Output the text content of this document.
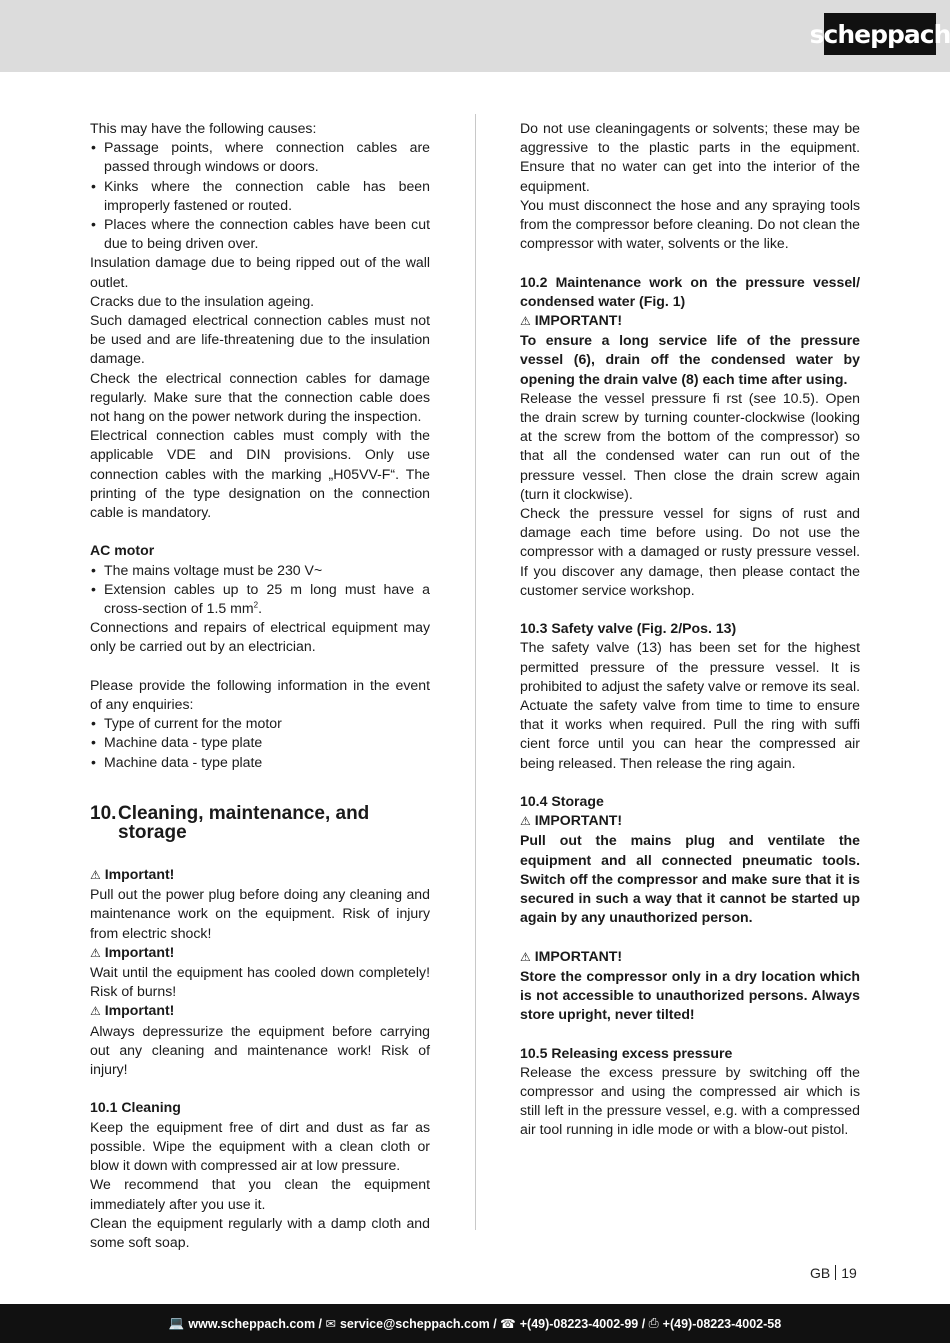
scheppach

This may have the following causes:

• Passage points, where connection cables are passed through windows or doors.
• Kinks where the connection cable has been improperly fastened or routed.
• Places where the connection cables have been cut due to being driven over.

Insulation damage due to being ripped out of the wall outlet.

Cracks due to the insulation ageing.

Such damaged electrical connection cables must not be used and are life-threatening due to the insulation damage.

Check the electrical connection cables for damage regularly. Make sure that the connection cable does not hang on the power network during the inspection.

Electrical connection cables must comply with the applicable VDE and DIN provisions. Only use connection cables with the marking „H05VV-F“. The printing of the type designation on the connection cable is mandatory.

AC motor

• The mains voltage must be 230 V~
• Extension cables up to 25 m long must have a cross-section of 1.5 $mm^2$.

Connections and repairs of electrical equipment may only be carried out by an electrician.

Please provide the following information in the event of any enquiries:

• Type of current for the motor
• Machine data - type plate
• Machine data - type plate
10. Cleaning, maintenance, and storage

⚠ Important!

Pull out the power plug before doing any cleaning and maintenance work on the equipment. Risk of injury from electric shock!

⚠ Important!

Wait until the equipment has cooled down completely! Risk of burns!

⚠ Important!

Always depressurize the equipment before carrying out any cleaning and maintenance work! Risk of injury!

10.1 Cleaning

Keep the equipment free of dirt and dust as far as possible. Wipe the equipment with a clean cloth or blow it down with compressed air at low pressure.

We recommend that you clean the equipment immediately after you use it.

Clean the equipment regularly with a damp cloth and some soft soap.

Do not use cleaningagents or solvents; these may be aggressive to the plastic parts in the equipment. Ensure that no water can get into the interior of the equipment.

You must disconnect the hose and any spraying tools from the compressor before cleaning. Do not clean the compressor with water, solvents or the like.

10.2 Maintenance work on the pressure vessel/ condensed water (Fig. 1)

⚠ IMPORTANT!

To ensure a long service life of the pressure vessel (6), drain off the condensed water by opening the drain valve (8) each time after using.

Release the vessel pressure fi rst (see 10.5). Open the drain screw by turning counter-clockwise (looking at the screw from the bottom of the compressor) so that all the condensed water can run out of the pressure vessel. Then close the drain screw again (turn it clockwise).

Check the pressure vessel for signs of rust and damage each time before using. Do not use the compressor with a damaged or rusty pressure vessel. If you discover any damage, then please contact the customer service workshop.

10.3 Safety valve (Fig. 2/Pos. 13)

The safety valve (13) has been set for the highest permitted pressure of the pressure vessel. It is prohibited to adjust the safety valve or remove its seal. Actuate the safety valve from time to time to ensure that it works when required. Pull the ring with suffi cient force until you can hear the compressed air being released. Then release the ring again.

10.4 Storage

⚠ IMPORTANT!

Pull out the mains plug and ventilate the equipment and all connected pneumatic tools. Switch off the compressor and make sure that it is secured in such a way that it cannot be started up again by any unauthorized person.

⚠ IMPORTANT!

Store the compressor only in a dry location which is not accessible to unauthorized persons. Always store upright, never tilted!

10.5 Releasing excess pressure

Release the excess pressure by switching off the compressor and using the compressed air which is still left in the pressure vessel, e.g. with a compressed air tool running in idle mode or with a blow-out pistol.

GB 19
💻 www.scheppach.com / ✉ service@scheppach.com / ☎ +(49)-08223-4002-99 / ⎙ +(49)-08223-4002-58
